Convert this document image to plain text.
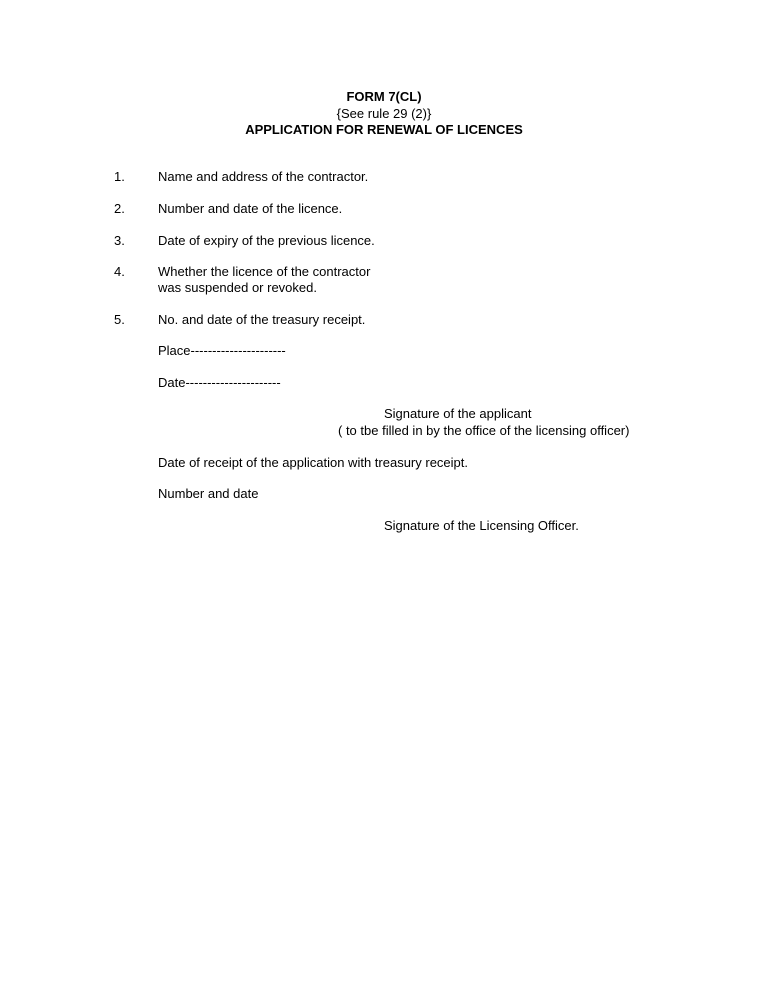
FORM 7(CL)
{See rule 29 (2)}
APPLICATION FOR RENEWAL OF LICENCES
1.	Name and address of the contractor.
2.	Number and date of the licence.
3.	Date of expiry of the previous licence.
4.	Whether the licence of the contractor
was suspended or revoked.
5.	No. and date of the treasury receipt.
Place----------------------
Date----------------------
Signature of the applicant
( to tbe filled in by the office of the licensing officer)
Date of receipt of the application with treasury receipt.
Number and date
Signature of the Licensing Officer.
